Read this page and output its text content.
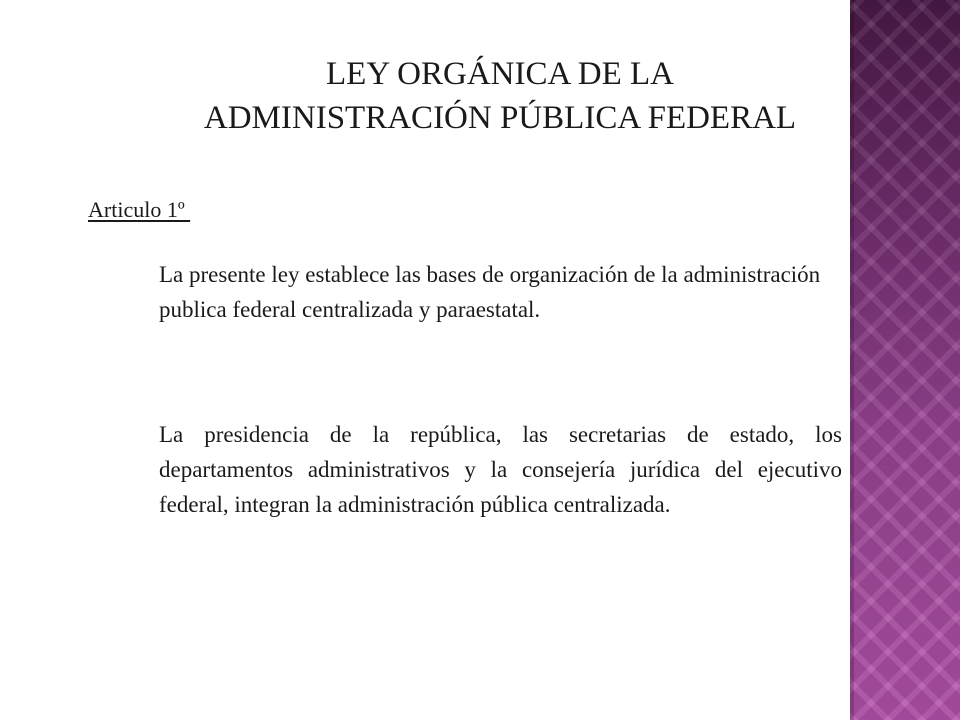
LEY ORGÁNICA DE LA
ADMINISTRACIÓN PÚBLICA FEDERAL
Articulo 1º
La presente ley establece las bases de organización de la administración publica federal centralizada y paraestatal.
La presidencia de la república, las secretarias de estado, los departamentos administrativos y la consejería jurídica del ejecutivo federal, integran la administración pública centralizada.
